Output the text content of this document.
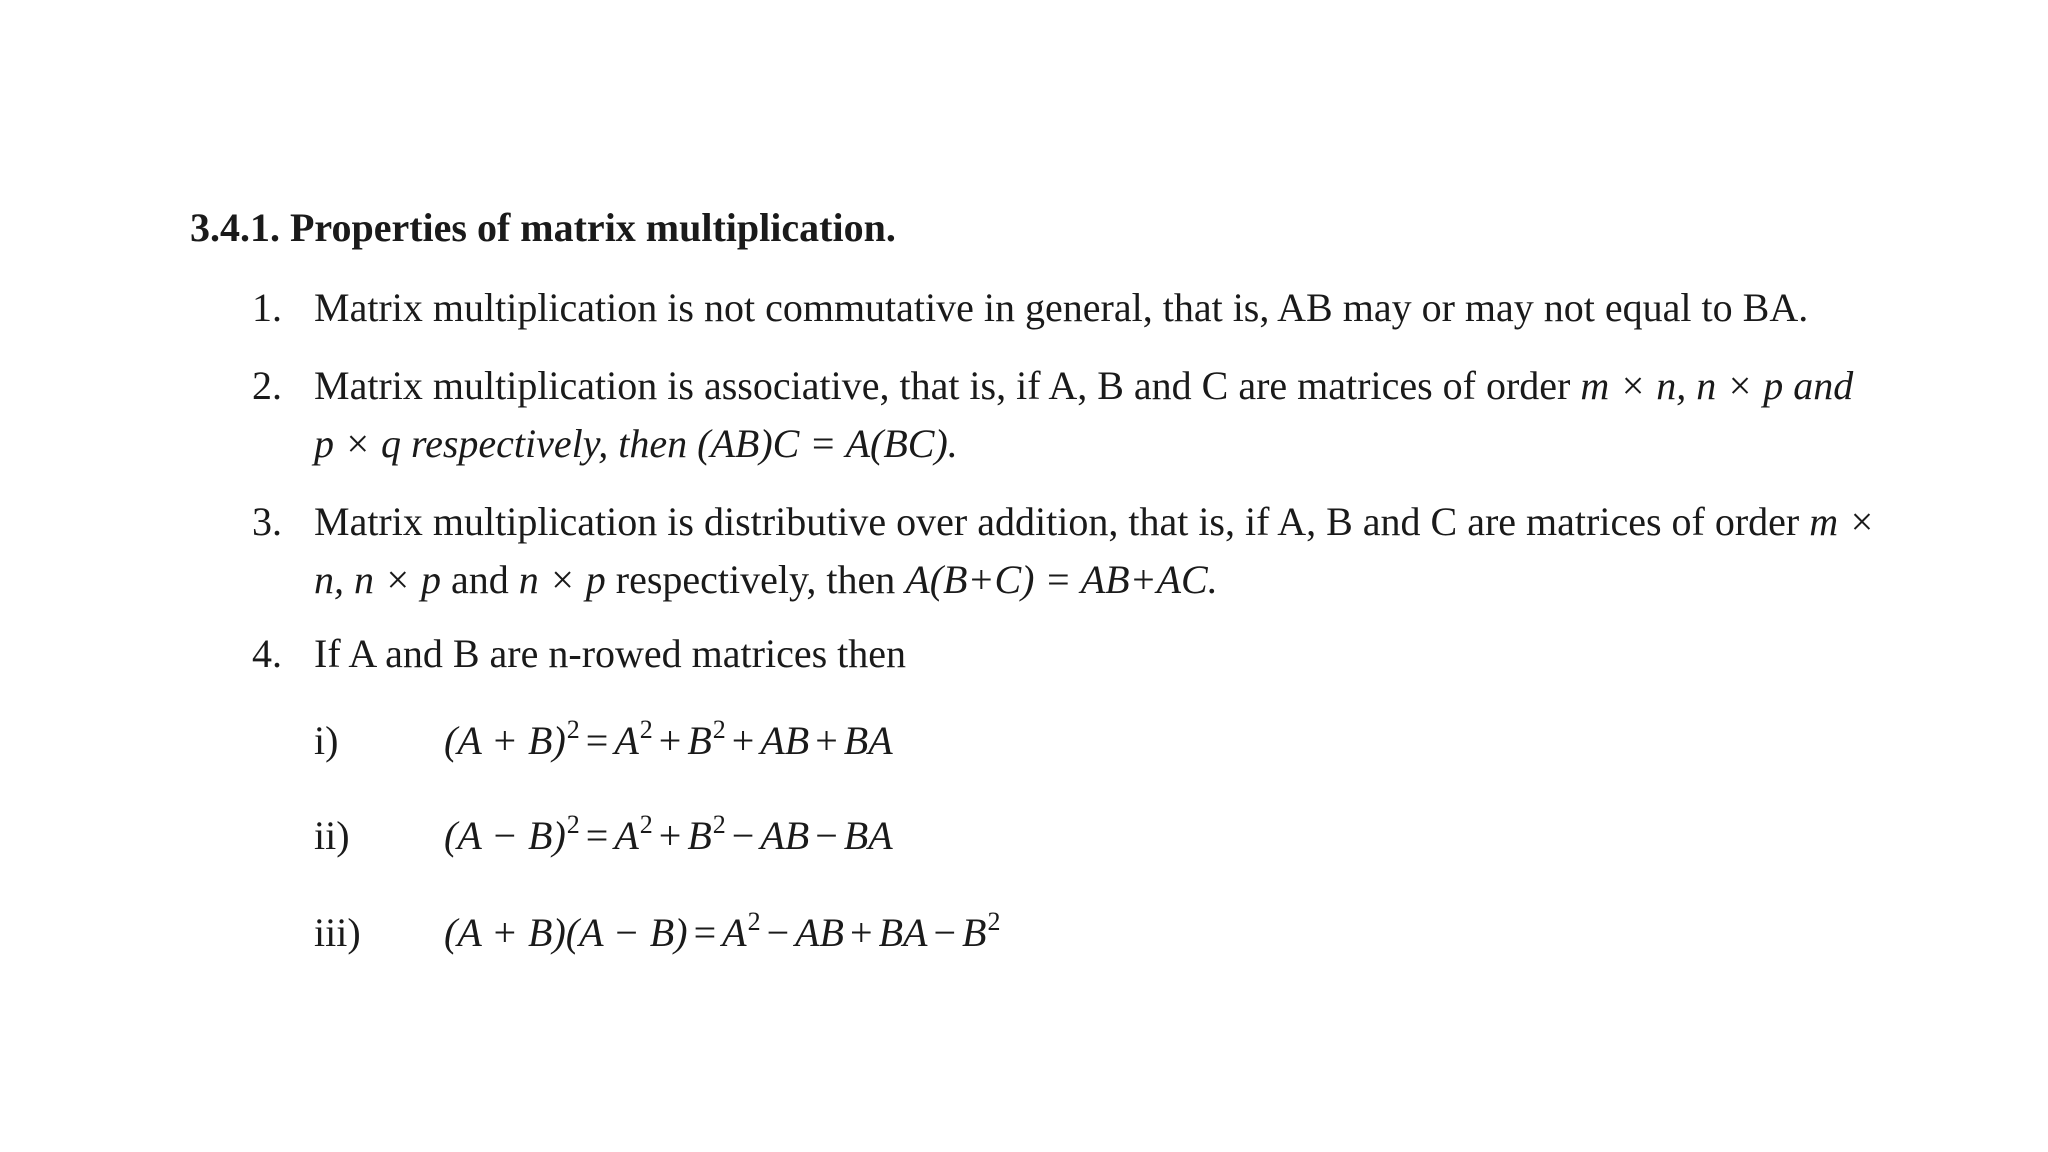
3.4.1. Properties of matrix multiplication.
1. Matrix multiplication is not commutative in general, that is, AB may or may not equal to BA.
2. Matrix multiplication is associative, that is, if A, B and C are matrices of order m × n, n × p and
p × q respectively, then (AB)C = A(BC).
3. Matrix multiplication is distributive over addition, that is, if A, B and C are matrices of order m ×
n, n × p and n × p respectively, then A(B+C) = AB+AC.
4. If A and B are n-rowed matrices then
i)	$(A + B)^2 = A^2 + B^2$ + AB + BA
ii) $(A - B)^2 = A^2 + B^2$ − AB − BA
iii) $(A + B)(A - B) = A^2$ − AB + BA − $B^2$
